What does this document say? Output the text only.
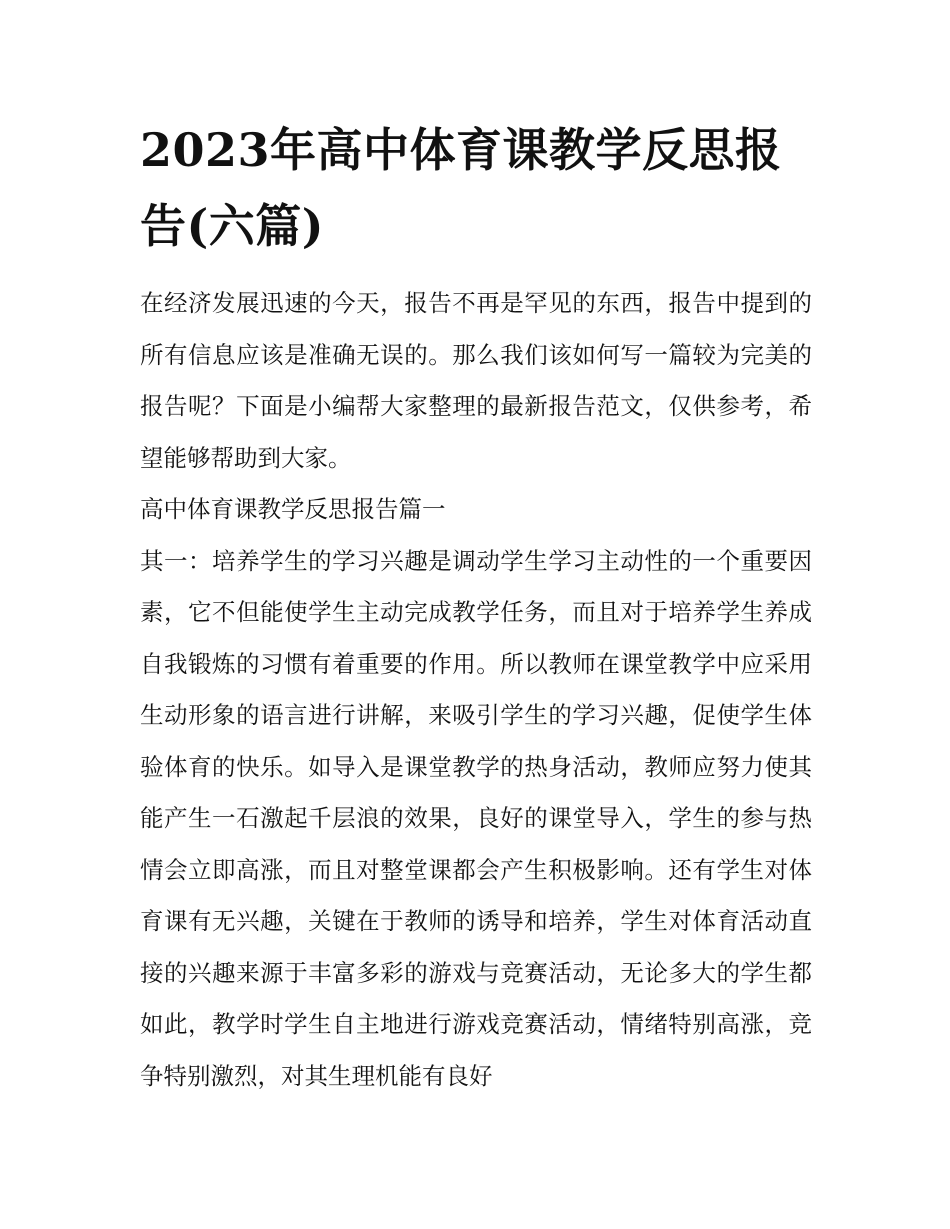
2023年高中体育课教学反思报告(六篇)

在经济发展迅速的今天，报告不再是罕见的东西，报告中提到的所有信息应该是准确无误的。那么我们该如何写一篇较为完美的报告呢？下面是小编帮大家整理的最新报告范文，仅供参考，希望能够帮助到大家。

高中体育课教学反思报告篇一

其一：培养学生的学习兴趣是调动学生学习主动性的一个重要因素，它不但能使学生主动完成教学任务，而且对于培养学生养成自我锻炼的习惯有着重要的作用。所以教师在课堂教学中应采用生动形象的语言进行讲解，来吸引学生的学习兴趣，促使学生体验体育的快乐。如导入是课堂教学的热身活动，教师应努力使其能产生一石激起千层浪的效果，良好的课堂导入，学生的参与热情会立即高涨，而且对整堂课都会产生积极影响。还有学生对体育课有无兴趣，关键在于教师的诱导和培养，学生对体育活动直接的兴趣来源于丰富多彩的游戏与竞赛活动，无论多大的学生都如此，教学时学生自主地进行游戏竞赛活动，情绪特别高涨，竞争特别激烈，对其生理机能有良好
